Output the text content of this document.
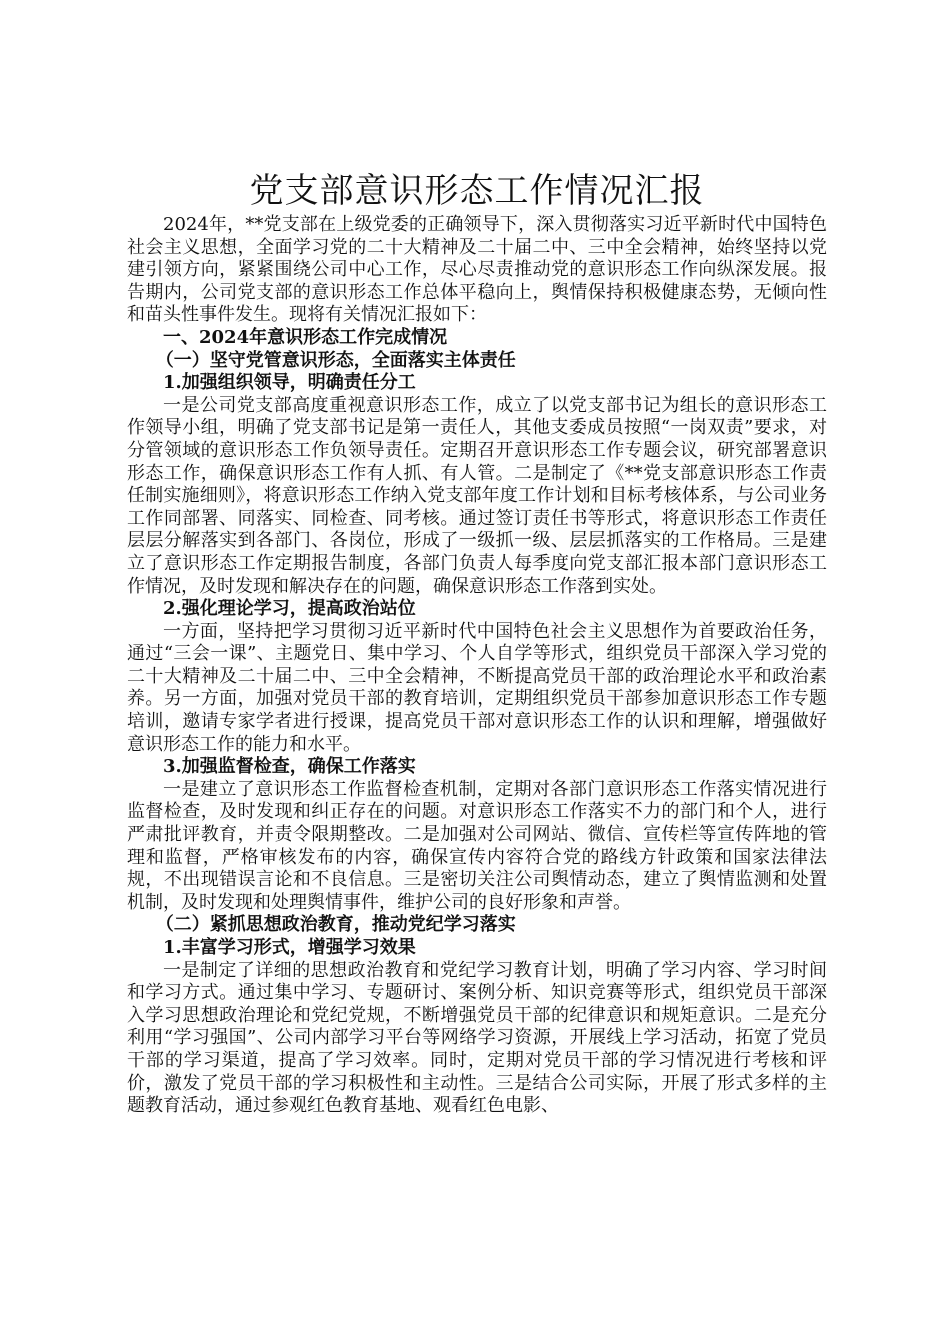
党支部意识形态工作情况汇报

2024年，**党支部在上级党委的正确领导下，深入贯彻落实习近平新时代中国特色社会主义思想，全面学习党的二十大精神及二十届二中、三中全会精神，始终坚持以党建引领方向，紧紧围绕公司中心工作，尽心尽责推动党的意识形态工作向纵深发展。报告期内，公司党支部的意识形态工作总体平稳向上，舆情保持积极健康态势，无倾向性和苗头性事件发生。现将有关情况汇报如下：

一、2024年意识形态工作完成情况

（一）坚守党管意识形态，全面落实主体责任

1.加强组织领导，明确责任分工

一是公司党支部高度重视意识形态工作，成立了以党支部书记为组长的意识形态工作领导小组，明确了党支部书记是第一责任人，其他支委成员按照“一岗双责”要求，对分管领域的意识形态工作负领导责任。定期召开意识形态工作专题会议，研究部署意识形态工作，确保意识形态工作有人抓、有人管。二是制定了《**党支部意识形态工作责任制实施细则》，将意识形态工作纳入党支部年度工作计划和目标考核体系，与公司业务工作同部署、同落实、同检查、同考核。通过签订责任书等形式，将意识形态工作责任层层分解落实到各部门、各岗位，形成了一级抓一级、层层抓落实的工作格局。三是建立了意识形态工作定期报告制度，各部门负责人每季度向党支部汇报本部门意识形态工作情况，及时发现和解决存在的问题，确保意识形态工作落到实处。

2.强化理论学习，提高政治站位

一方面，坚持把学习贯彻习近平新时代中国特色社会主义思想作为首要政治任务，通过“三会一课”、主题党日、集中学习、个人自学等形式，组织党员干部深入学习党的二十大精神及二十届二中、三中全会精神，不断提高党员干部的政治理论水平和政治素养。另一方面，加强对党员干部的教育培训，定期组织党员干部参加意识形态工作专题培训，邀请专家学者进行授课，提高党员干部对意识形态工作的认识和理解，增强做好意识形态工作的能力和水平。

3.加强监督检查，确保工作落实

一是建立了意识形态工作监督检查机制，定期对各部门意识形态工作落实情况进行监督检查，及时发现和纠正存在的问题。对意识形态工作落实不力的部门和个人，进行严肃批评教育，并责令限期整改。二是加强对公司网站、微信、宣传栏等宣传阵地的管理和监督，严格审核发布的内容，确保宣传内容符合党的路线方针政策和国家法律法规，不出现错误言论和不良信息。三是密切关注公司舆情动态，建立了舆情监测和处置机制，及时发现和处理舆情事件，维护公司的良好形象和声誉。

（二）紧抓思想政治教育，推动党纪学习落实

1.丰富学习形式，增强学习效果

一是制定了详细的思想政治教育和党纪学习教育计划，明确了学习内容、学习时间和学习方式。通过集中学习、专题研讨、案例分析、知识竞赛等形式，组织党员干部深入学习思想政治理论和党纪党规，不断增强党员干部的纪律意识和规矩意识。二是充分利用“学习强国”、公司内部学习平台等网络学习资源，开展线上学习活动，拓宽了党员干部的学习渠道，提高了学习效率。同时，定期对党员干部的学习情况进行考核和评价，激发了党员干部的学习积极性和主动性。三是结合公司实际，开展了形式多样的主题教育活动，通过参观红色教育基地、观看红色电影、
